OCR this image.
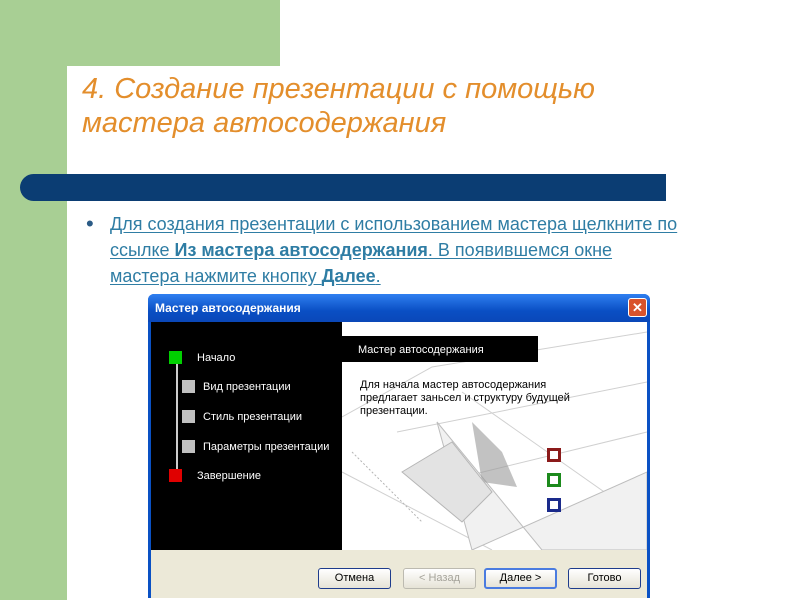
4. Создание презентации с помощью
мастера автосодержания
• Для создания презентации с использованием мастера щелкните по ссылке Из мастера автосодержания. В появившемся окне мастера нажмите кнопку Далее.
Мастер автосодержания	✕
Начало
Вид презентации
Стиль презентации
Параметры презентации
Завершение
Мастер автосодержания
Для начала мастер автосодержания предлагает заньсел и структуру будущей презентации.
Отмена	< Назад	Далее >	Готово
